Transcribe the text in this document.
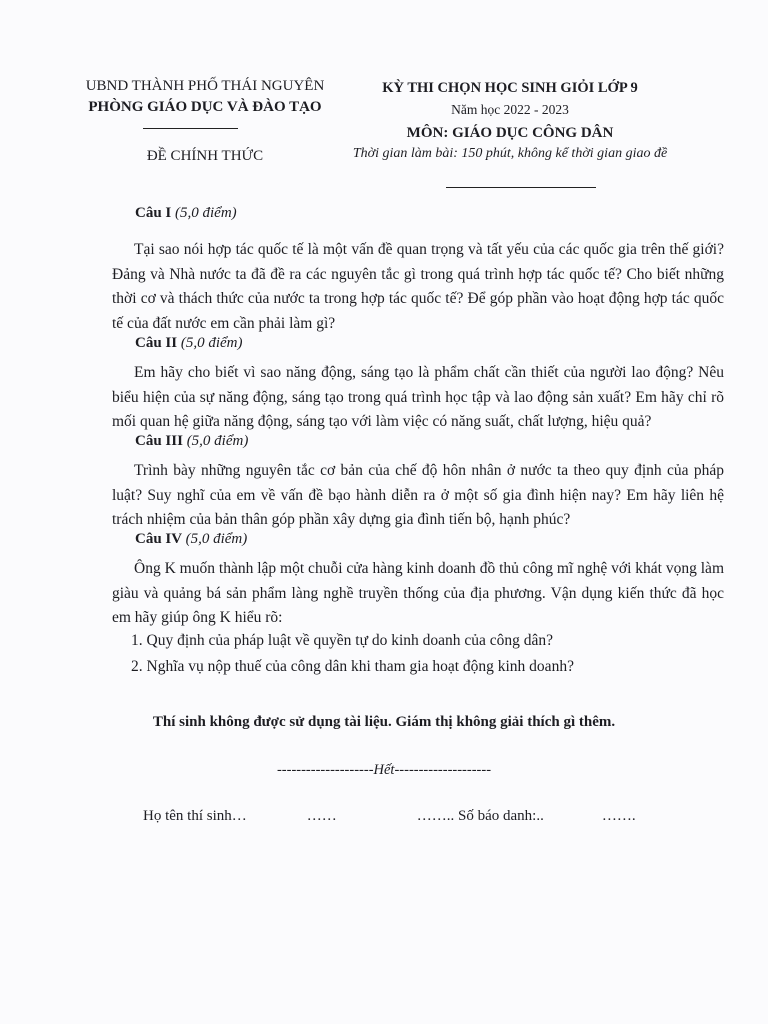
UBND THÀNH PHỐ THÁI NGUYÊN
PHÒNG GIÁO DỤC VÀ ĐÀO TẠO
ĐỀ CHÍNH THỨC
KỲ THI CHỌN HỌC SINH GIỎI LỚP 9
Năm học 2022 - 2023
MÔN: GIÁO DỤC CÔNG DÂN
Thời gian làm bài: 150 phút, không kể thời gian giao đề
Câu I (5,0 điểm)

Tại sao nói hợp tác quốc tế là một vấn đề quan trọng và tất yếu của các quốc gia trên thế giới? Đảng và Nhà nước ta đã đề ra các nguyên tắc gì trong quá trình hợp tác quốc tế? Cho biết những thời cơ và thách thức của nước ta trong hợp tác quốc tế? Để góp phần vào hoạt động hợp tác quốc tế của đất nước em cần phải làm gì?

Câu II (5,0 điểm)

Em hãy cho biết vì sao năng động, sáng tạo là phẩm chất cần thiết của người lao động? Nêu biểu hiện của sự năng động, sáng tạo trong quá trình học tập và lao động sản xuất? Em hãy chỉ rõ mối quan hệ giữa năng động, sáng tạo với làm việc có năng suất, chất lượng, hiệu quả?

Câu III (5,0 điểm)

Trình bày những nguyên tắc cơ bản của chế độ hôn nhân ở nước ta theo quy định của pháp luật? Suy nghĩ của em về vấn đề bạo hành diễn ra ở một số gia đình hiện nay? Em hãy liên hệ trách nhiệm của bản thân góp phần xây dựng gia đình tiến bộ, hạnh phúc?

Câu IV (5,0 điểm)

Ông K muốn thành lập một chuỗi cửa hàng kinh doanh đồ thủ công mĩ nghệ với khát vọng làm giàu và quảng bá sản phẩm làng nghề truyền thống của địa phương. Vận dụng kiến thức đã học em hãy giúp ông K hiểu rõ:

1. Quy định của pháp luật về quyền tự do kinh doanh của công dân?
2. Nghĩa vụ nộp thuế của công dân khi tham gia hoạt động kinh doanh?
Thí sinh không được sử dụng tài liệu. Giám thị không giải thích gì thêm.
--------------------Hết--------------------
Họ tên thí sinh…	……	…….. Số báo danh:..	…….
